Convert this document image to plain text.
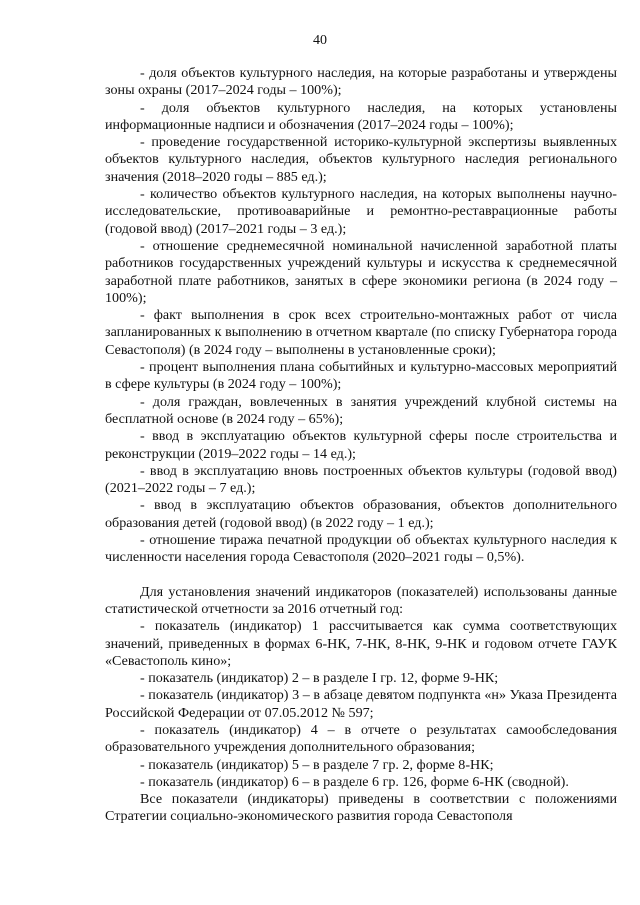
40

- доля объектов культурного наследия, на которые разработаны и утверждены зоны охраны (2017–2024 годы – 100%);

- доля объектов культурного наследия, на которых установлены информационные надписи и обозначения (2017–2024 годы – 100%);

- проведение государственной историко-культурной экспертизы выявленных объектов культурного наследия, объектов культурного наследия регионального значения (2018–2020 годы – 885 ед.);

- количество объектов культурного наследия, на которых выполнены научно-исследовательские, противоаварийные и ремонтно-реставрационные работы (годовой ввод) (2017–2021 годы – 3 ед.);

- отношение среднемесячной номинальной начисленной заработной платы работников государственных учреждений культуры и искусства к среднемесячной заработной плате работников, занятых в сфере экономики региона (в 2024 году – 100%);

- факт выполнения в срок всех строительно-монтажных работ от числа запланированных к выполнению в отчетном квартале (по списку Губернатора города Севастополя) (в 2024 году – выполнены в установленные сроки);

- процент выполнения плана событийных и культурно-массовых мероприятий в сфере культуры (в 2024 году – 100%);

- доля граждан, вовлеченных в занятия учреждений клубной системы на бесплатной основе (в 2024 году – 65%);

- ввод в эксплуатацию объектов культурной сферы после строительства и реконструкции (2019–2022 годы – 14 ед.);

- ввод в эксплуатацию вновь построенных объектов культуры (годовой ввод) (2021–2022 годы – 7 ед.);

- ввод в эксплуатацию объектов образования, объектов дополнительного образования детей (годовой ввод) (в 2022 году – 1 ед.);

- отношение тиража печатной продукции об объектах культурного наследия к численности населения города Севастополя (2020–2021 годы – 0,5%).

Для установления значений индикаторов (показателей) использованы данные статистической отчетности за 2016 отчетный год:

- показатель (индикатор) 1 рассчитывается как сумма соответствующих значений, приведенных в формах 6-НК, 7-НК, 8-НК, 9-НК и годовом отчете ГАУК «Севастополь кино»;

- показатель (индикатор) 2 – в разделе I гр. 12, форме 9-НК;

- показатель (индикатор) 3 – в абзаце девятом подпункта «н» Указа Президента Российской Федерации от 07.05.2012 № 597;

- показатель (индикатор) 4 – в отчете о результатах самообследования образовательного учреждения дополнительного образования;

- показатель (индикатор) 5 – в разделе 7 гр. 2, форме 8-НК;

- показатель (индикатор) 6 – в разделе 6 гр. 126, форме 6-НК (сводной).

Все показатели (индикаторы) приведены в соответствии с положениями Стратегии социально-экономического развития города Севастополя
